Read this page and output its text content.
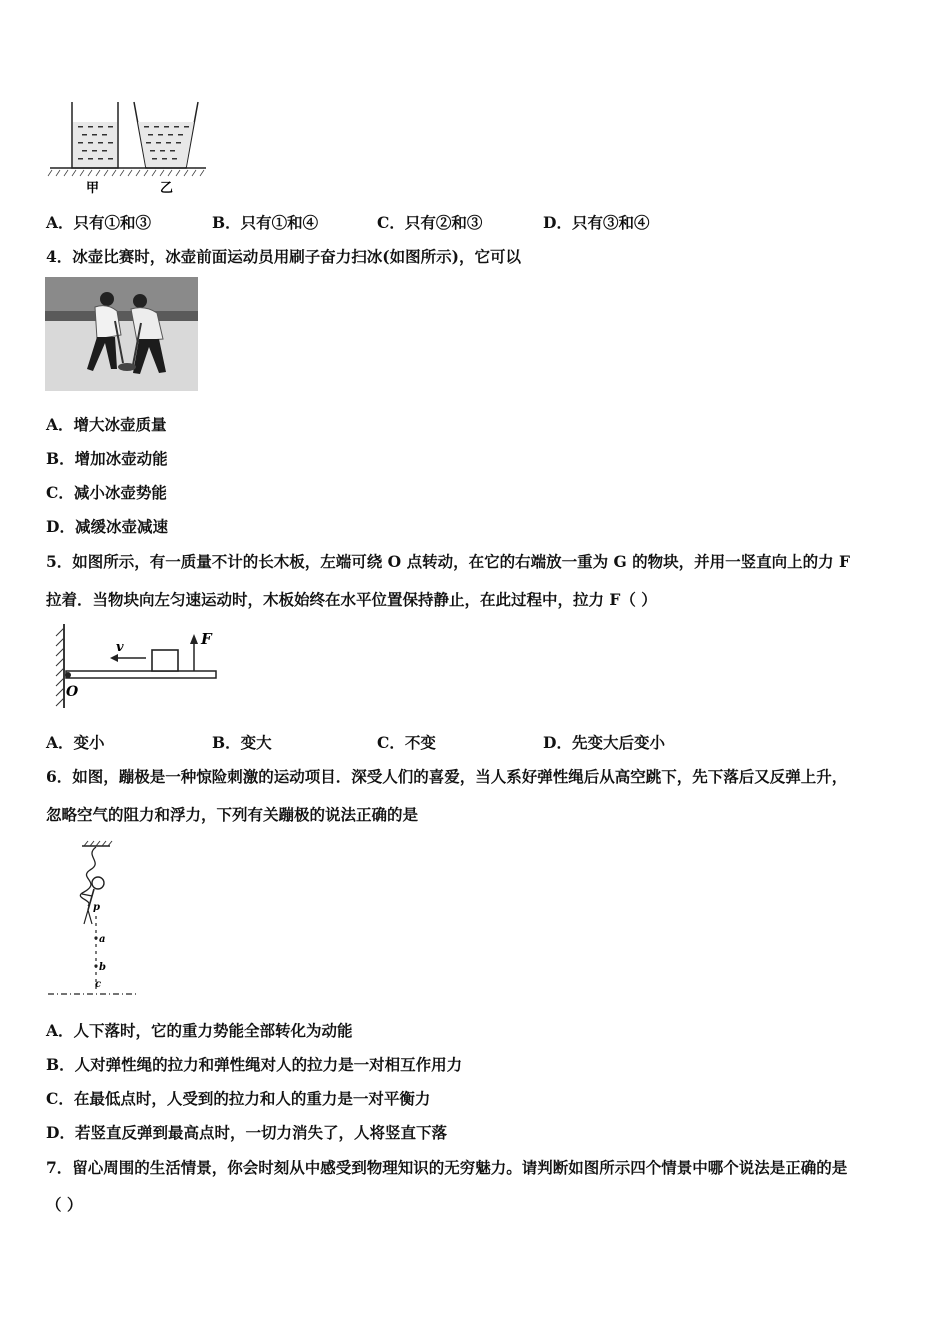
甲	乙
A．只有①和③	B．只有①和④	C．只有②和③	D．只有③和④
4．冰壶比赛时，冰壶前面运动员用刷子奋力扫冰(如图所示)，它可以
A．增大冰壶质量
B．增加冰壶动能
C．减小冰壶势能
D．减缓冰壶减速
5．如图所示，有一质量不计的长木板，左端可绕 O 点转动，在它的右端放一重为 G 的物块，并用一竖直向上的力 F
拉着．当物块向左匀速运动时，木板始终在水平位置保持静止，在此过程中，拉力 F（ ）
v	F
O
A．变小	B．变大	C．不变	D．先变大后变小
6．如图，蹦极是一种惊险刺激的运动项目．深受人们的喜爱，当人系好弹性绳后从高空跳下，先下落后又反弹上升，
忽略空气的阻力和浮力，下列有关蹦极的说法正确的是
p
a
b
c
A．人下落时，它的重力势能全部转化为动能
B．人对弹性绳的拉力和弹性绳对人的拉力是一对相互作用力
C．在最低点时，人受到的拉力和人的重力是一对平衡力
D．若竖直反弹到最高点时，一切力消失了，人将竖直下落
7．留心周围的生活情景，你会时刻从中感受到物理知识的无穷魅力。请判断如图所示四个情景中哪个说法是正确的是
（ ）
